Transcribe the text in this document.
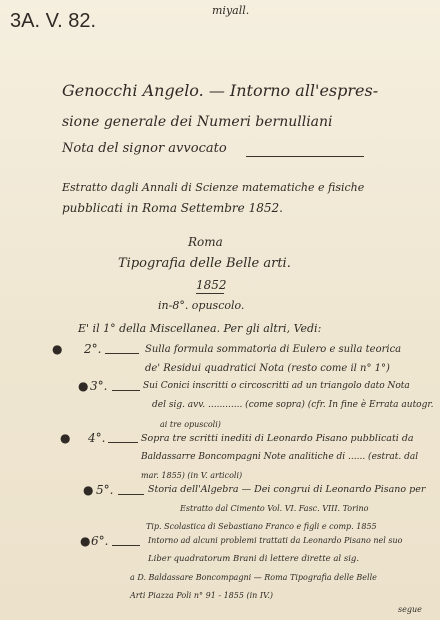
3A. V. 82.	miyall.
Genocchi Angelo. — Intorno all'espres-
sione generale dei Numeri bernulliani
Nota del signor avvocato
Estratto dagli Annali di Scienze matematiche e fisiche
pubblicati in Roma Settembre 1852.
Roma
Tipografia delle Belle arti.
1852
in-8°. opuscolo.
E' il 1° della Miscellanea. Per gli altri, Vedi:
● 2°.	Sulla formula sommatoria di Eulero e sulla teorica
de' Residui quadratici Nota (resto come il n° 1°)
● 3°.	Sui Conici inscritti o circoscritti ad un triangolo dato Nota
del sig. avv. ............ (come sopra) (cfr. In fine è Errata autogr.
ai tre opuscoli)
● 4°.	Sopra tre scritti inediti di Leonardo Pisano pubblicati da
Baldassarre Boncompagni Note analitiche di ...... (estrat. dal
mar. 1855) (in V. articoli)
● 5°.	Storia dell'Algebra — Dei congrui di Leonardo Pisano per
Estratto dal Cimento Vol. VI. Fasc. VIII. Torino
Tip. Scolastica di Sebastiano Franco e figli e comp. 1855
● 6°.	Intorno ad alcuni problemi trattati da Leonardo Pisano nel suo
Liber quadratorum Brani di lettere dirette al sig.
a D. Baldassare Boncompagni — Roma Tipografia delle Belle
Arti Piazza Poli n° 91 - 1855 (in IV.)
segue
